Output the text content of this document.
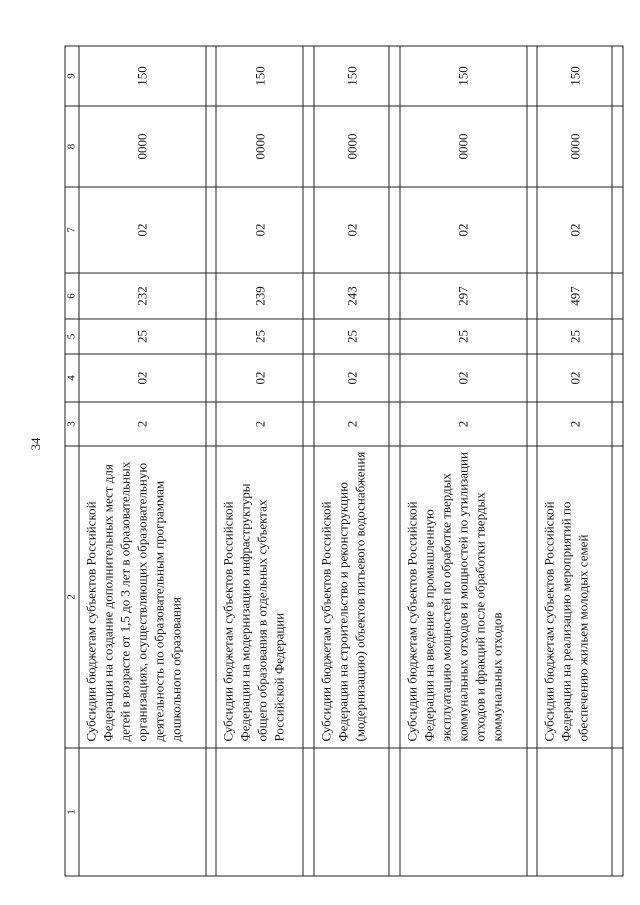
34
1	2	3	4	5	6	7	8	9
	Субсидии бюджетам субъектов Российской Федерации на создание дополнительных мест для детей в возрасте от 1,5 до 3 лет в образовательных организациях, осуществляющих образовательную деятельность по образовательным программам дошкольного образования	2	02	25	232	02	0000	150

	Субсидии бюджетам субъектов Российской Федерации на модернизацию инфраструктуры общего образования в отдельных субъектах Российской Федерации	2	02	25	239	02	0000	150

	Субсидии бюджетам субъектов Российской Федерации на строительство и реконструкцию (модернизацию) объектов питьевого водоснабжения	2	02	25	243	02	0000	150

	Субсидии бюджетам субъектов Российской Федерации на введение в промышленную эксплуатацию мощностей по обработке твердых коммунальных отходов и мощностей по утилизации отходов и фракций после обработки твердых коммунальных отходов	2	02	25	297	02	0000	150

	Субсидии бюджетам субъектов Российской Федерации на реализацию мероприятий по обеспечению жильем молодых семей	2	02	25	497	02	0000	150
